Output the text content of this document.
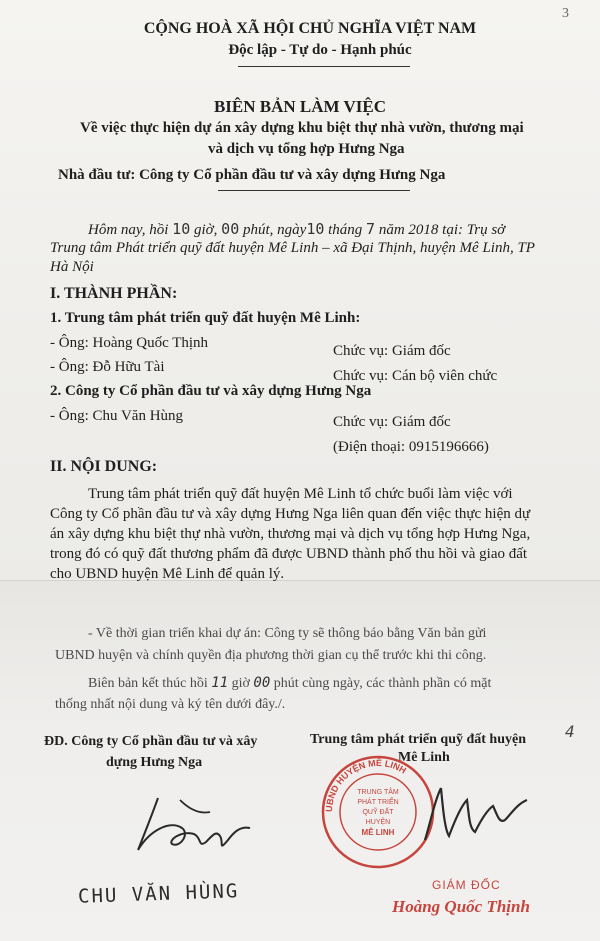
3
CỘNG HOÀ XÃ HỘI CHỦ NGHĨA VIỆT NAM
Độc lập - Tự do - Hạnh phúc
BIÊN BẢN LÀM VIỆC
Về việc thực hiện dự án xây dựng khu biệt thự nhà vườn, thương mại
và dịch vụ tổng hợp Hưng Nga
Nhà đầu tư: Công ty Cổ phần đầu tư và xây dựng Hưng Nga
Hôm nay, hồi 10 giờ, 00 phút, ngày10 tháng 7 năm 2018 tại: Trụ sở
Trung tâm Phát triển quỹ đất huyện Mê Linh – xã Đại Thịnh, huyện Mê Linh, TP
Hà Nội
I. THÀNH PHẦN:
1. Trung tâm phát triển quỹ đất huyện Mê Linh:
- Ông: Hoàng Quốc Thịnh	Chức vụ: Giám đốc
- Ông: Đỗ Hữu Tài
Chức vụ: Cán bộ viên chức
2. Công ty Cổ phần đầu tư và xây dựng Hưng Nga
- Ông: Chu Văn Hùng	Chức vụ: Giám đốc
(Điện thoại: 0915196666)
II. NỘI DUNG:
Trung tâm phát triển quỹ đất huyện Mê Linh tổ chức buổi làm việc với
Công ty Cổ phần đầu tư và xây dựng Hưng Nga liên quan đến việc thực hiện dự
án xây dựng khu biệt thự nhà vườn, thương mại và dịch vụ tổng hợp Hưng Nga,
trong đó có quỹ đất thương phẩm đã được UBND thành phố thu hồi và giao đất
cho UBND huyện Mê Linh để quản lý.
- Về thời gian triển khai dự án: Công ty sẽ thông báo bằng Văn bản gửi
UBND huyện và chính quyền địa phương thời gian cụ thể trước khi thi công.
Biên bản kết thúc hồi 11 giờ 00 phút cùng ngày, các thành phần có mặt
thống nhất nội dung và ký tên dưới đây./.
ĐD. Công ty Cổ phần đầu tư và xây
dựng Hưng Nga
CHU VĂN HÙNG
Trung tâm phát triển quỹ đất huyện
Mê Linh
4
UBND HUYỆN MÊ LINH
TRUNG TÂM
PHÁT TRIỂN
QUỸ ĐẤT
HUYỆN
MÊ LINH
GIÁM ĐỐC
Hoàng Quốc Thịnh
